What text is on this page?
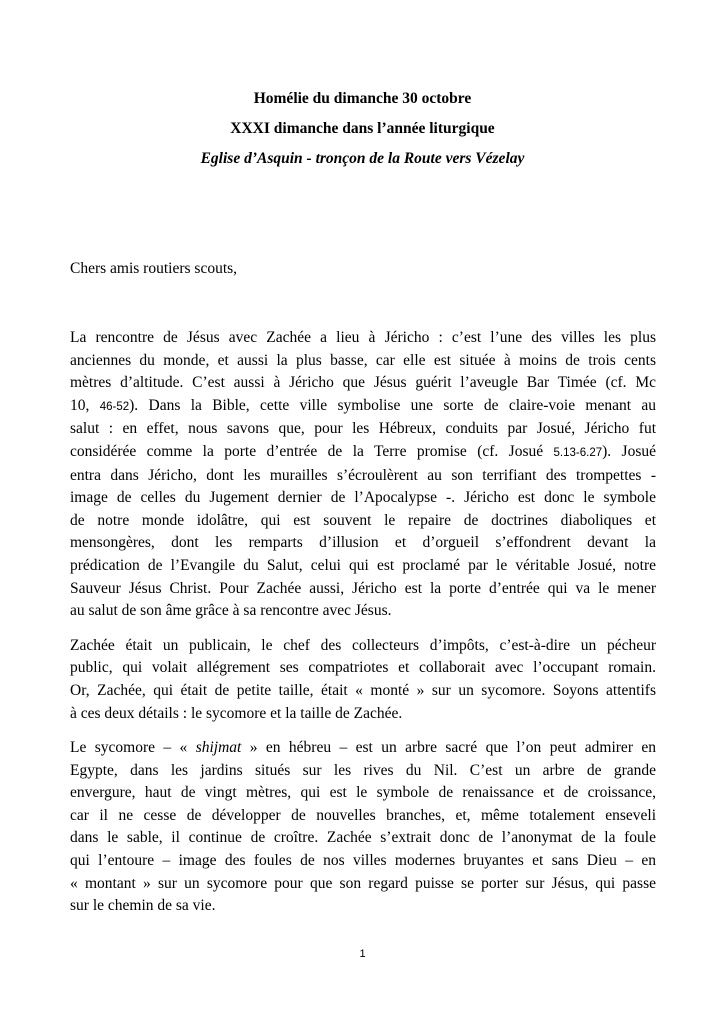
Homélie du dimanche 30 octobre

XXXI dimanche dans l’année liturgique

Eglise d’Asquin - tronçon de la Route vers Vézelay

Chers amis routiers scouts,

La rencontre de Jésus avec Zachée a lieu à Jéricho : c’est l’une des villes les plus
anciennes du monde, et aussi la plus basse, car elle est située à moins de trois cents
mètres d’altitude. C’est aussi à Jéricho que Jésus guérit l’aveugle Bar Timée (cf. Mc
10, 46-52). Dans la Bible, cette ville symbolise une sorte de claire-voie menant au
salut : en effet, nous savons que, pour les Hébreux, conduits par Josué, Jéricho fut
considérée comme la porte d’entrée de la Terre promise (cf. Josué 5.13-6.27). Josué
entra dans Jéricho, dont les murailles s’écroulèrent au son terrifiant des trompettes -
image de celles du Jugement dernier de l’Apocalypse -. Jéricho est donc le symbole
de notre monde idolâtre, qui est souvent le repaire de doctrines diaboliques et
mensongères, dont les remparts d’illusion et d’orgueil s’effondrent devant la
prédication de l’Evangile du Salut, celui qui est proclamé par le véritable Josué, notre
Sauveur Jésus Christ. Pour Zachée aussi, Jéricho est la porte d’entrée qui va le mener
au salut de son âme grâce à sa rencontre avec Jésus.

Zachée était un publicain, le chef des collecteurs d’impôts, c’est-à-dire un pécheur
public, qui volait allégrement ses compatriotes et collaborait avec l’occupant romain.
Or, Zachée, qui était de petite taille, était « monté » sur un sycomore. Soyons attentifs
à ces deux détails : le sycomore et la taille de Zachée.

Le sycomore – « shijmat » en hébreu – est un arbre sacré que l’on peut admirer en
Egypte, dans les jardins situés sur les rives du Nil. C’est un arbre de grande
envergure, haut de vingt mètres, qui est le symbole de renaissance et de croissance,
car il ne cesse de développer de nouvelles branches, et, même totalement enseveli
dans le sable, il continue de croître. Zachée s’extrait donc de l’anonymat de la foule
qui l’entoure – image des foules de nos villes modernes bruyantes et sans Dieu – en
« montant » sur un sycomore pour que son regard puisse se porter sur Jésus, qui passe
sur le chemin de sa vie.

1
